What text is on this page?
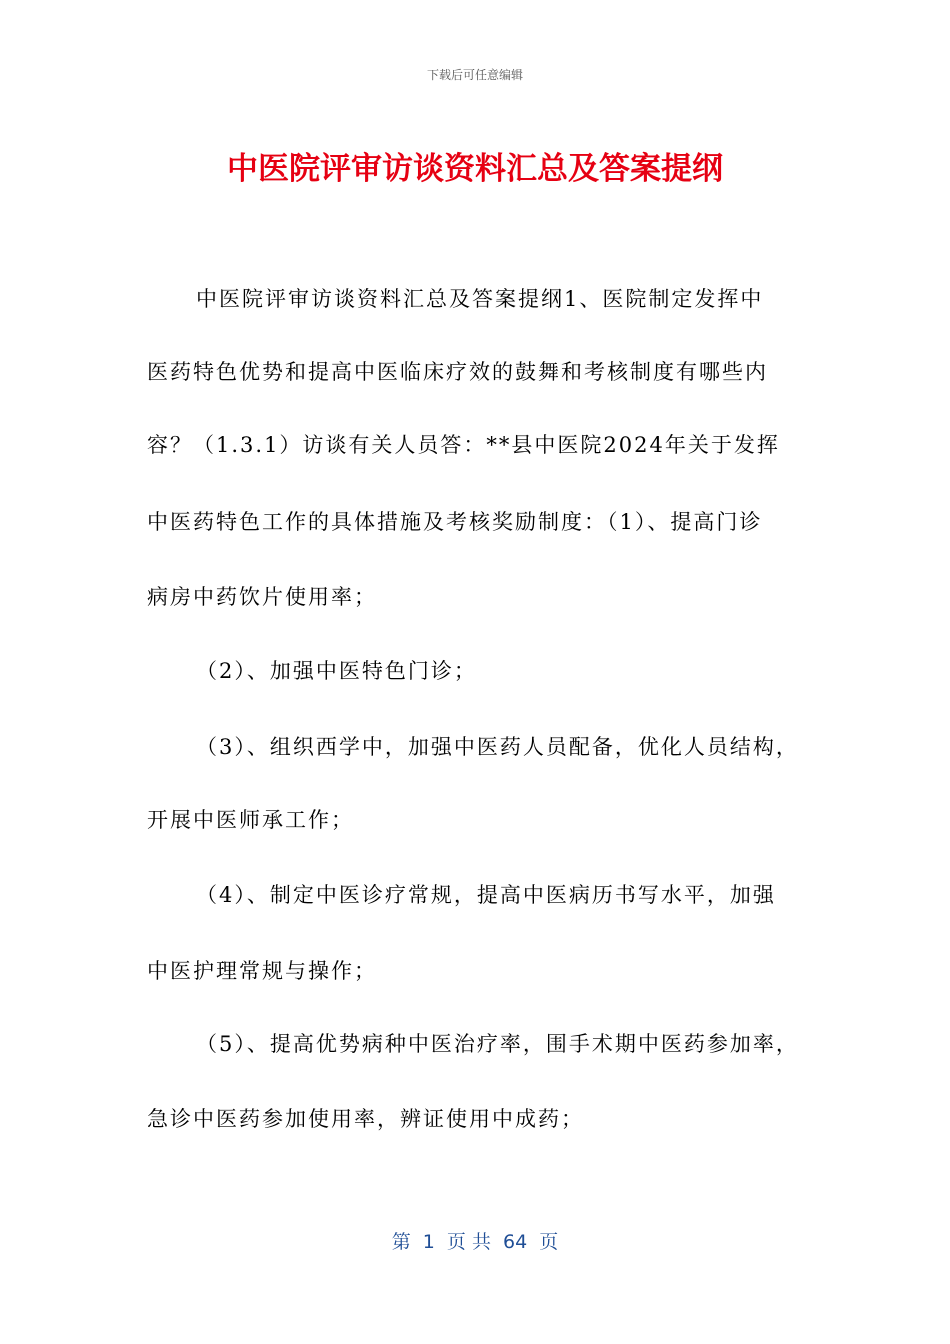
下载后可任意编辑
中医院评审访谈资料汇总及答案提纲
中医院评审访谈资料汇总及答案提纲1、医院制定发挥中
医药特色优势和提高中医临床疗效的鼓舞和考核制度有哪些内
容？（1.3.1）访谈有关人员答：**县中医院2024年关于发挥
中医药特色工作的具体措施及考核奖励制度：（1）、提高门诊
病房中药饮片使用率；
（2）、加强中医特色门诊；
（3）、组织西学中，加强中医药人员配备，优化人员结构，
开展中医师承工作；
（4）、制定中医诊疗常规，提高中医病历书写水平，加强
中医护理常规与操作；
（5）、提高优势病种中医治疗率，围手术期中医药参加率，
急诊中医药参加使用率，辨证使用中成药；
第  1  页 共  64  页
